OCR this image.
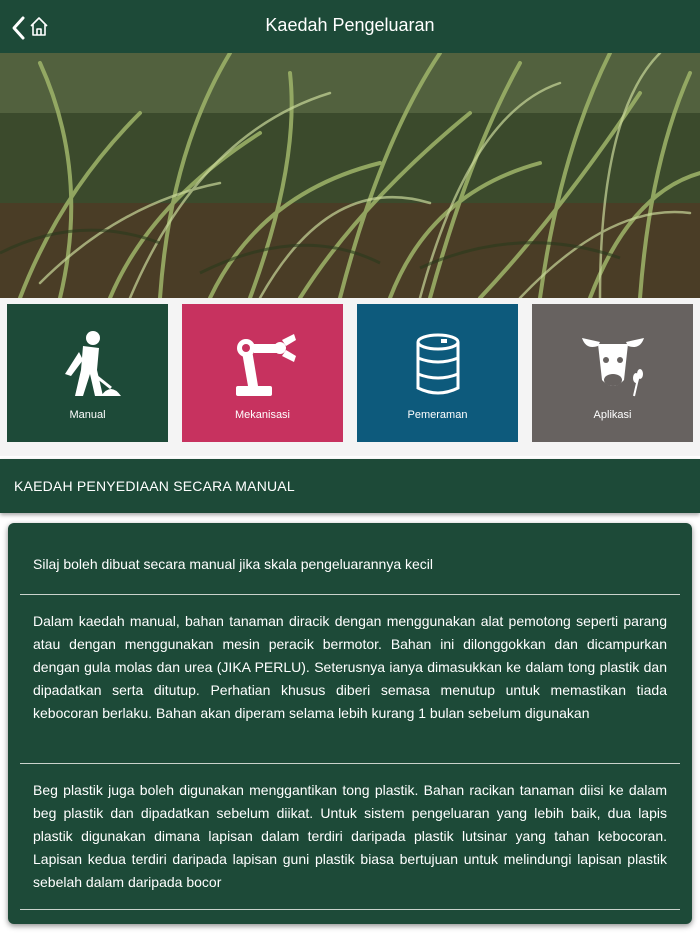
Kaedah Pengeluaran
Manual	Mekanisasi	Pemeraman	Aplikasi
KAEDAH PENYEDIAAN SECARA MANUAL
Silaj boleh dibuat secara manual jika skala pengeluarannya kecil
Dalam kaedah manual, bahan tanaman diracik dengan menggunakan alat pemotong seperti parang atau dengan menggunakan mesin peracik bermotor. Bahan ini dilonggokkan dan dicampurkan dengan gula molas dan urea (JIKA PERLU). Seterusnya ianya dimasukkan ke dalam tong plastik dan dipadatkan serta ditutup. Perhatian khusus diberi semasa menutup untuk memastikan tiada kebocoran berlaku. Bahan akan diperam selama lebih kurang 1 bulan sebelum digunakan
Beg plastik juga boleh digunakan menggantikan tong plastik. Bahan racikan tanaman diisi ke dalam beg plastik dan dipadatkan sebelum diikat. Untuk sistem pengeluaran yang lebih baik, dua lapis plastik digunakan dimana lapisan dalam terdiri daripada plastik lutsinar yang tahan kebocoran. Lapisan kedua terdiri daripada lapisan guni plastik biasa bertujuan untuk melindungi lapisan plastik sebelah dalam daripada bocor
